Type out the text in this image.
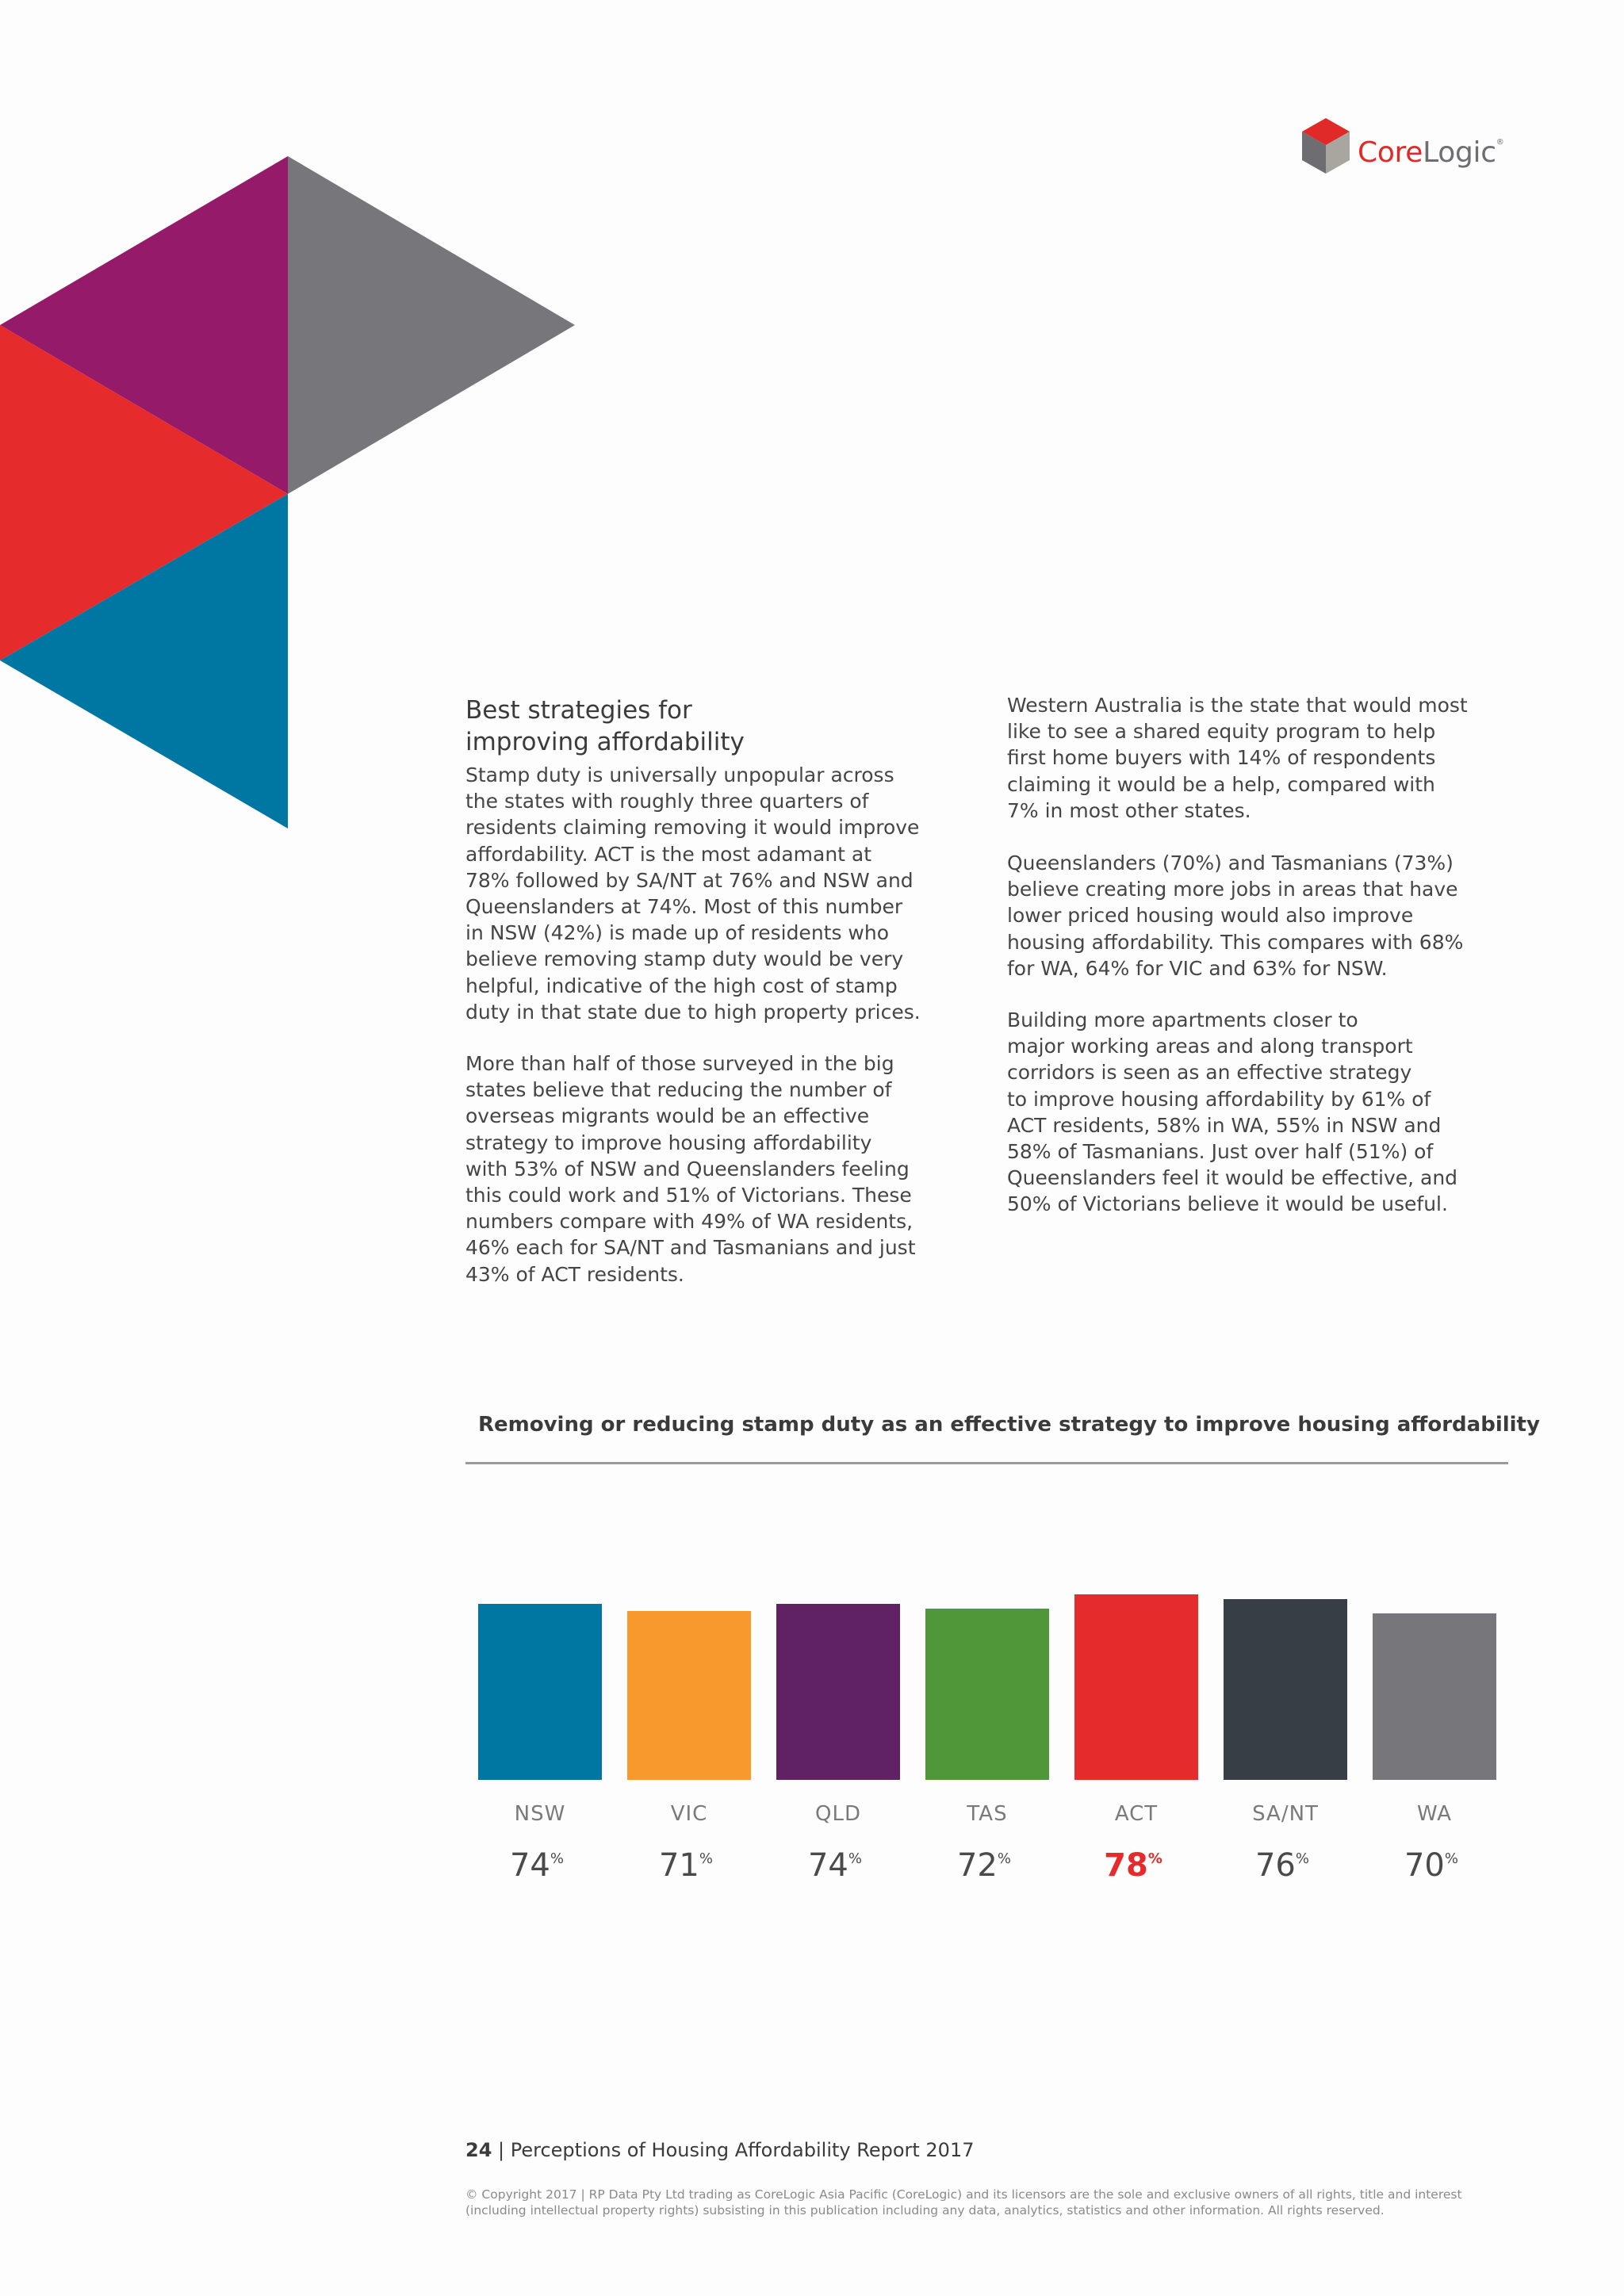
CoreLogic®
Best strategies for
improving affordability

Stamp duty is universally unpopular across
the states with roughly three quarters of
residents claiming removing it would improve
affordability. ACT is the most adamant at
78% followed by SA/NT at 76% and NSW and
Queenslanders at 74%. Most of this number
in NSW (42%) is made up of residents who
believe removing stamp duty would be very
helpful, indicative of the high cost of stamp
duty in that state due to high property prices.

More than half of those surveyed in the big
states believe that reducing the number of
overseas migrants would be an effective
strategy to improve housing affordability
with 53% of NSW and Queenslanders feeling
this could work and 51% of Victorians. These
numbers compare with 49% of WA residents,
46% each for SA/NT and Tasmanians and just
43% of ACT residents.

Western Australia is the state that would most
like to see a shared equity program to help
first home buyers with 14% of respondents
claiming it would be a help, compared with
7% in most other states.

Queenslanders (70%) and Tasmanians (73%)
believe creating more jobs in areas that have
lower priced housing would also improve
housing affordability. This compares with 68%
for WA, 64% for VIC and 63% for NSW.

Building more apartments closer to
major working areas and along transport
corridors is seen as an effective strategy
to improve housing affordability by 61% of
ACT residents, 58% in WA, 55% in NSW and
58% of Tasmanians. Just over half (51%) of
Queenslanders feel it would be effective, and
50% of Victorians believe it would be useful.

Removing or reducing stamp duty as an effective strategy to improve housing affordability
NSW
74%
VIC
71%
QLD
74%
TAS
72%
ACT
78%
SA/NT
76%
WA
70%
24 | Perceptions of Housing Affordability Report 2017

© Copyright 2017 | RP Data Pty Ltd trading as CoreLogic Asia Pacific (CoreLogic) and its licensors are the sole and exclusive owners of all rights, title and interest (including intellectual property rights) subsisting in this publication including any data, analytics, statistics and other information. All rights reserved.
